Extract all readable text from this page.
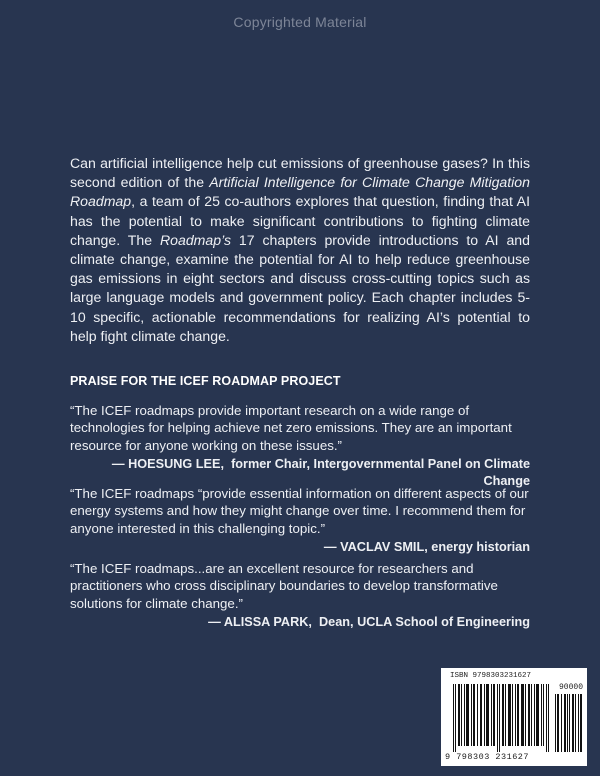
Copyrighted Material
Can artificial intelligence help cut emissions of greenhouse gases? In this second edition of the Artificial Intelligence for Climate Change Mitigation Roadmap, a team of 25 co-authors explores that question, finding that AI has the potential to make significant contributions to fighting climate change. The Roadmap’s 17 chapters provide introductions to AI and climate change, examine the potential for AI to help reduce greenhouse gas emissions in eight sectors and discuss cross-cutting topics such as large language models and government policy. Each chapter includes 5-10 specific, actionable recommendations for realizing AI’s potential to help fight climate change.
PRAISE FOR THE ICEF ROADMAP PROJECT
“The ICEF roadmaps provide important research on a wide range of technologies for helping achieve net zero emissions. They are an important resource for anyone working on these issues.”
— HOESUNG LEE, former Chair, Intergovernmental Panel on Climate Change
“The ICEF roadmaps “provide essential information on different aspects of our energy systems and how they might change over time. I recommend them for anyone interested in this challenging topic.”
— VACLAV SMIL, energy historian
“The ICEF roadmaps...are an excellent resource for researchers and practitioners who cross disciplinary boundaries to develop transformative solutions for climate change.”
— ALISSA PARK, Dean, UCLA School of Engineering
ISBN 9798303231627
90000
9 798303 231627
